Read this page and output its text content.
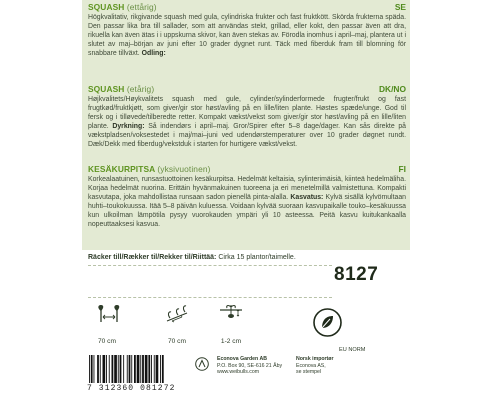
SQUASH (ettårig)	SE
Högkvalitativ, rikgivande squash med gula, cylindriska frukter och fast fruktkött. Skörda frukterna späda. Den passar lika bra till sallader, som att användas stekt, grillad, eller kokt, den passar även att dra, rikuella kan även ätas i i uppskurna skivor, kan även stekas av. Förodla inomhus i april–maj, plantera ut i slutet av maj–början av juni efter 10 grader dygnet runt. Täck med fiberduk fram till blomning för snabbare tillväxt. Odling:
SQUASH (etårig)	DK/NO
Højkvalitets/Høykvalitets squash med gule, cylinder/sylinderformede frugter/frukt og fast frugtkød/fruktkjøtt, som giver/gir stor høst/avling på en lille/liten plante. Høstes spæde/unge. God til fersk og i tilløvede/tilberedte retter. Kompakt vækst/vekst som giver/gir stor høst/avling på en lille/liten plante. Dyrkning: Så indendørs i april–maj. Gror/Spirer efter 5–8 dage/dager. Kan sås direkte på vækstpladsen/voksestedet i maj/mai–juni ved udendørstemperaturer over 10 grader døgnet rundt. Dæk/Dekk med fiberdug/vekstduk i starten for hurtigere vækst/vekst.
KESÄKURPITSA (yksivuotinen)	FI
Korkealaatuinen, runsastuottoinen kesäkurpitsa. Hedelmät keltaisia, sylinterimäisiä, kiinteä hedelmäliha. Korjaa hedelmät nuorina. Erittäin hyvänmakuinen tuoreena ja eri menetelmillä valmistettuna. Kompakti kasvutapa, joka mahdollistaa runsaan sadon pienellä pinta-alalla. Kasvatus: Kylvä sisällä kylvömultaan huhti–toukokuussa. Itää 5–8 päivän kuluessa. Voidaan kylvää suoraan kasvupaikalle touko–kesäkuussa kun ulkoilman lämpötila pysyy vuorokauden ympäri yli 10 asteessa. Peitä kasvu kuitukankaalla nopeuttaaksesi kasvua.
Räcker till/Rækker til/Rekker til/Riittää: Cirka 15 plantor/taimelle.
70 cm	70 cm	1-2 cm
8127
EU NORM
7 312360 081272
Econova Garden AB
P.O. Box 90, SE-616 21 Åby
www.weibulls.com
Norsk importør
Econova AS,
se stempel
